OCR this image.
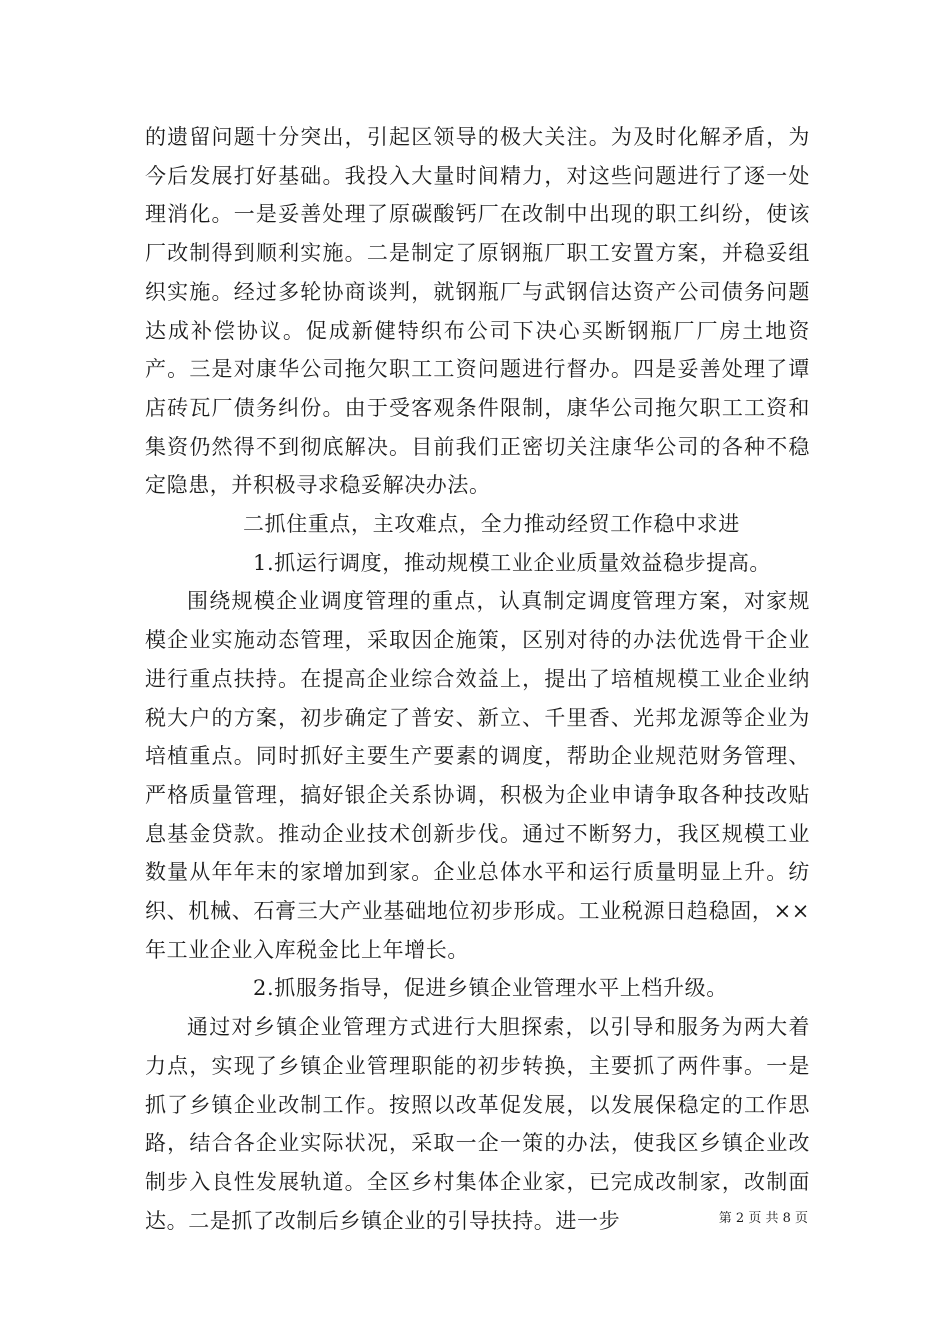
的遗留问题十分突出，引起区领导的极大关注。为及时化解矛盾，为今后发展打好基础。我投入大量时间精力，对这些问题进行了逐一处理消化。一是妥善处理了原碳酸钙厂在改制中出现的职工纠纷，使该厂改制得到顺利实施。二是制定了原钢瓶厂职工安置方案，并稳妥组织实施。经过多轮协商谈判，就钢瓶厂与武钢信达资产公司债务问题达成补偿协议。促成新健特织布公司下决心买断钢瓶厂厂房土地资产。三是对康华公司拖欠职工工资问题进行督办。四是妥善处理了谭店砖瓦厂债务纠份。由于受客观条件限制，康华公司拖欠职工工资和集资仍然得不到彻底解决。目前我们正密切关注康华公司的各种不稳定隐患，并积极寻求稳妥解决办法。

二抓住重点，主攻难点，全力推动经贸工作稳中求进

1.抓运行调度，推动规模工业企业质量效益稳步提高。

围绕规模企业调度管理的重点，认真制定调度管理方案，对家规模企业实施动态管理，采取因企施策，区别对待的办法优选骨干企业进行重点扶持。在提高企业综合效益上，提出了培植规模工业企业纳税大户的方案，初步确定了普安、新立、千里香、光邦龙源等企业为培植重点。同时抓好主要生产要素的调度，帮助企业规范财务管理、严格质量管理，搞好银企关系协调，积极为企业申请争取各种技改贴息基金贷款。推动企业技术创新步伐。通过不断努力，我区规模工业数量从年年末的家增加到家。企业总体水平和运行质量明显上升。纺织、机械、石膏三大产业基础地位初步形成。工业税源日趋稳固，××年工业企业入库税金比上年增长。

2.抓服务指导，促进乡镇企业管理水平上档升级。

通过对乡镇企业管理方式进行大胆探索，以引导和服务为两大着力点，实现了乡镇企业管理职能的初步转换，主要抓了两件事。一是抓了乡镇企业改制工作。按照以改革促发展，以发展保稳定的工作思路，结合各企业实际状况，采取一企一策的办法，使我区乡镇企业改制步入良性发展轨道。全区乡村集体企业家，已完成改制家，改制面达。二是抓了改制后乡镇企业的引导扶持。进一步	第 2 页 共 8 页
